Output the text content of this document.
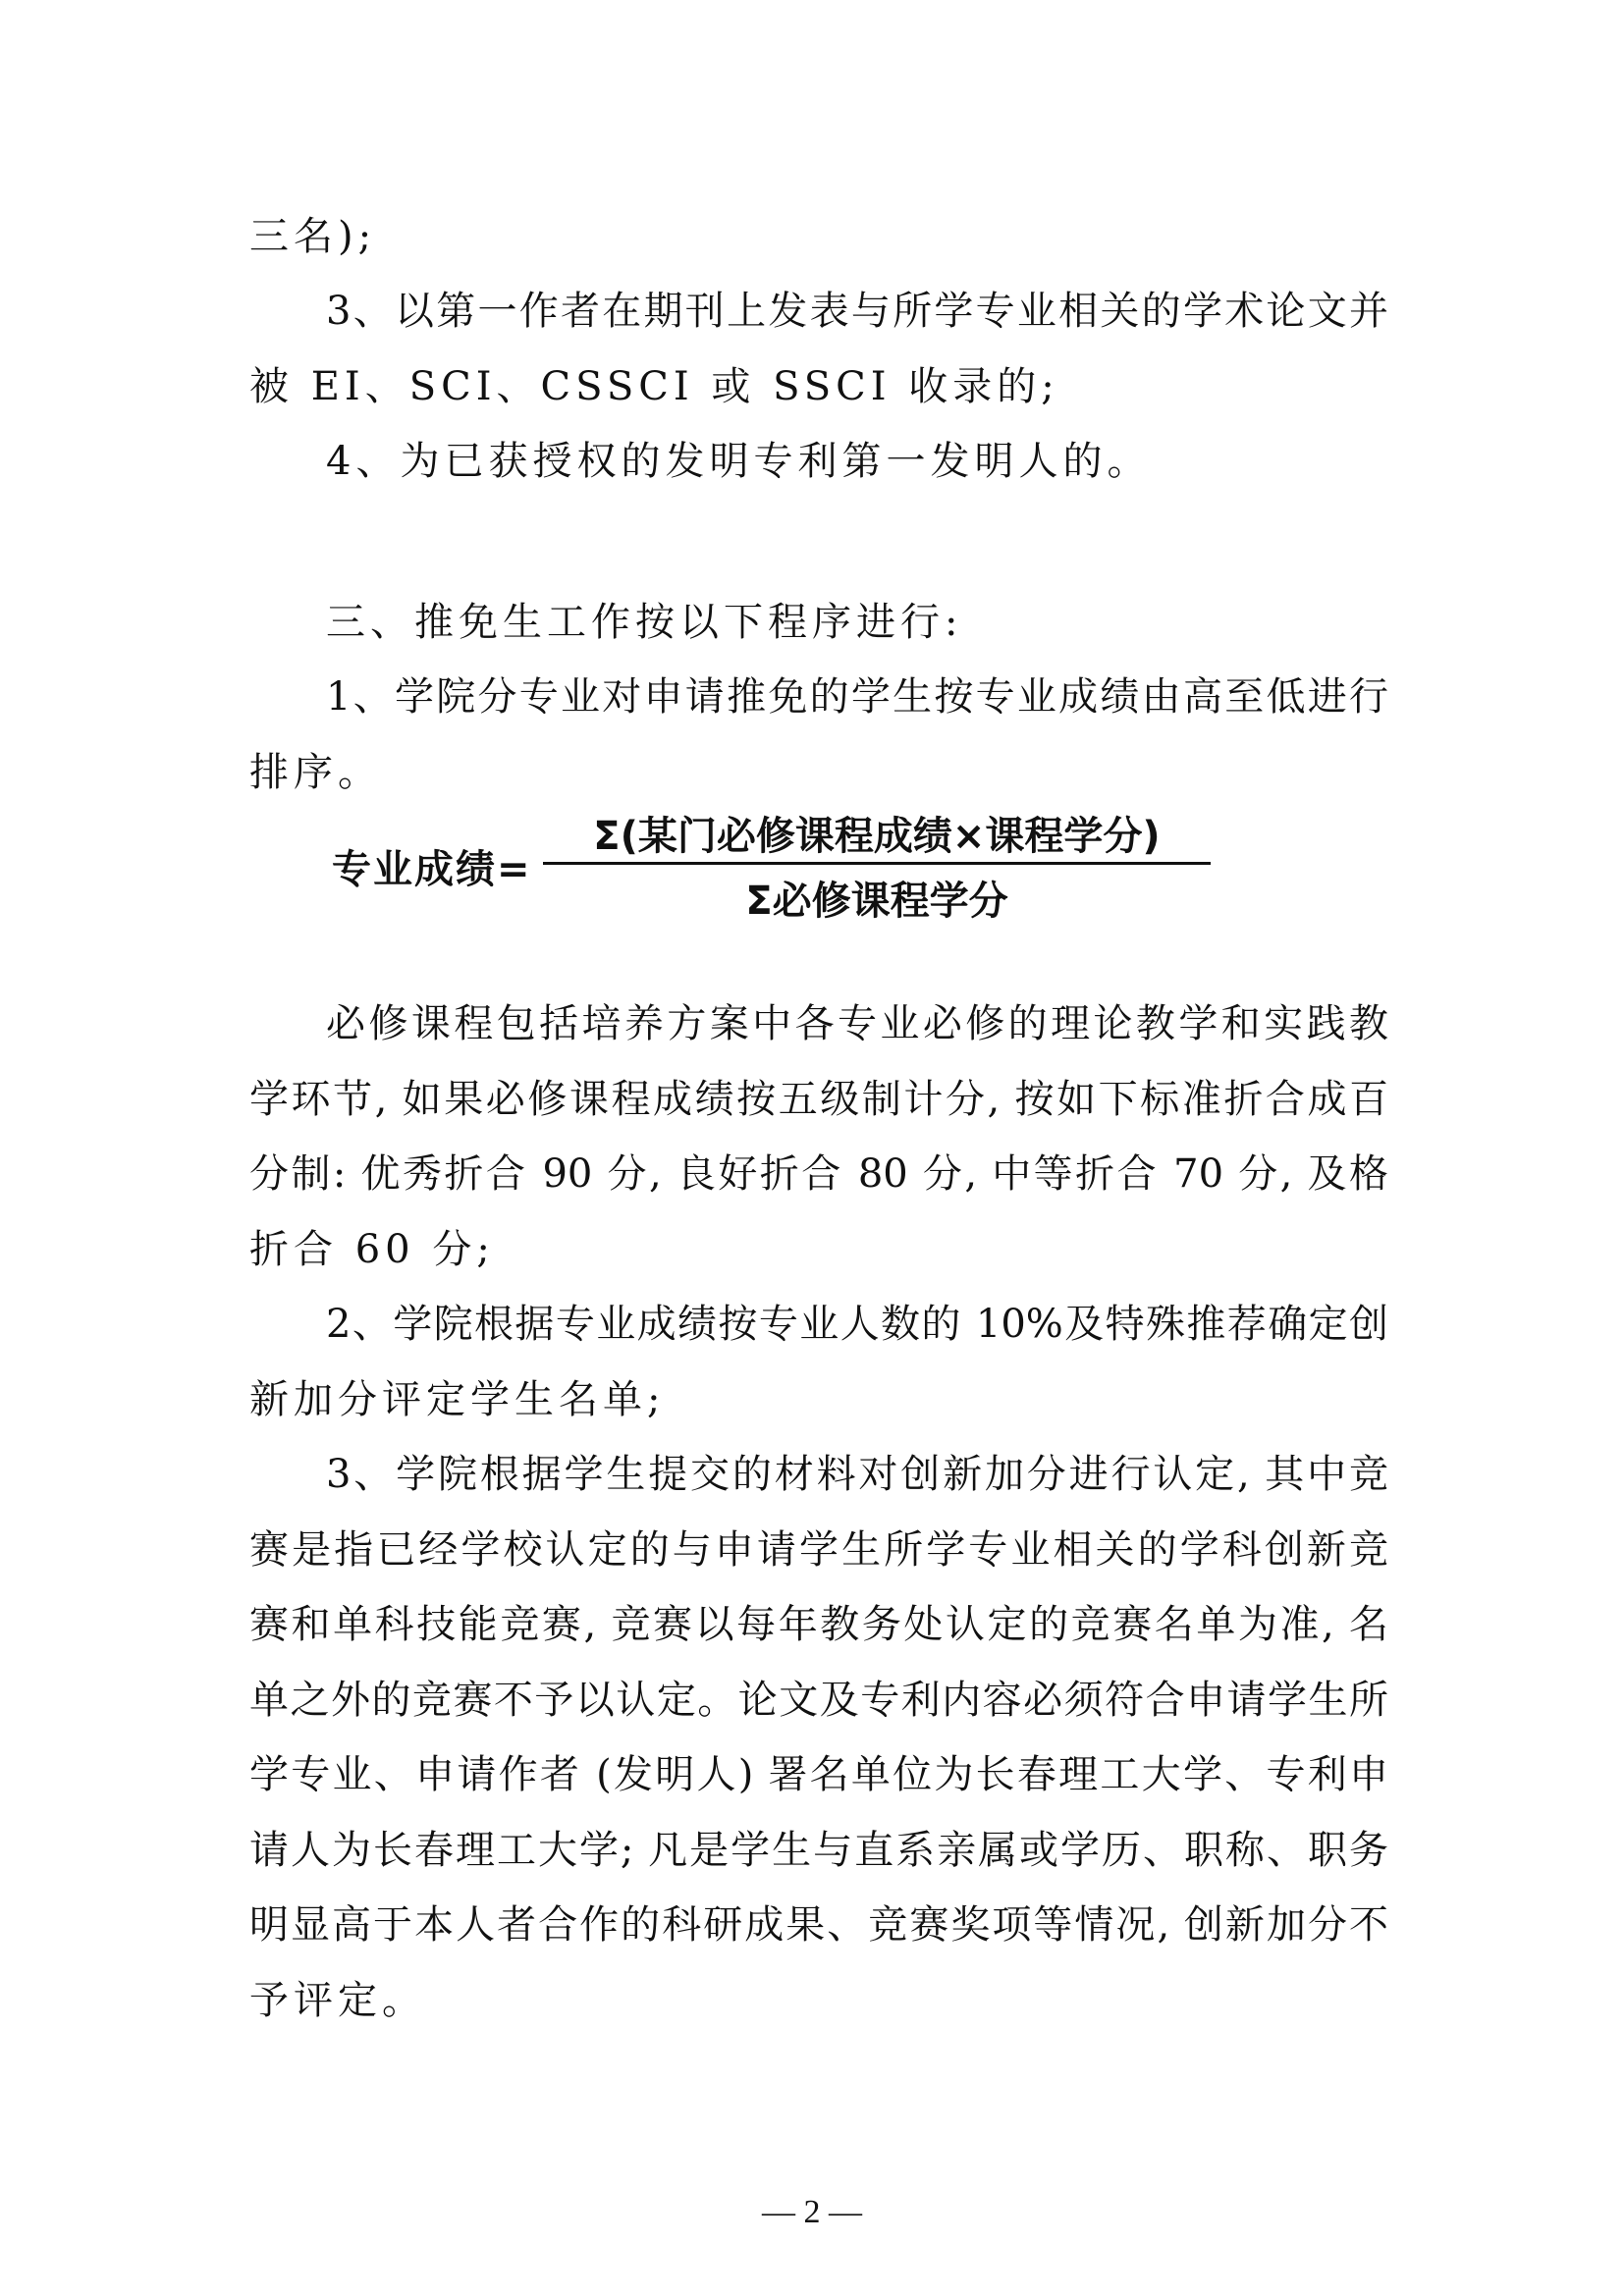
三名);
3、以第一作者在期刊上发表与所学专业相关的学术论文并
被 EI、SCI、CSSCI 或 SSCI 收录的;
4、为已获授权的发明专利第一发明人的。
三、推免生工作按以下程序进行:
1、学院分专业对申请推免的学生按专业成绩由高至低进行
排序。
专业成绩=
Σ(某门必修课程成绩×课程学分)
Σ必修课程学分
必修课程包括培养方案中各专业必修的理论教学和实践教
学环节, 如果必修课程成绩按五级制计分, 按如下标准折合成百
分制: 优秀折合 90 分, 良好折合 80 分, 中等折合 70 分, 及格
折合 60 分;
2、学院根据专业成绩按专业人数的 10%及特殊推荐确定创
新加分评定学生名单;
3、学院根据学生提交的材料对创新加分进行认定, 其中竞
赛是指已经学校认定的与申请学生所学专业相关的学科创新竞
赛和单科技能竞赛, 竞赛以每年教务处认定的竞赛名单为准, 名
单之外的竞赛不予以认定。论文及专利内容必须符合申请学生所
学专业、申请作者 (发明人) 署名单位为长春理工大学、专利申
请人为长春理工大学; 凡是学生与直系亲属或学历、职称、职务
明显高于本人者合作的科研成果、竞赛奖项等情况, 创新加分不
予评定。
— 2 —
